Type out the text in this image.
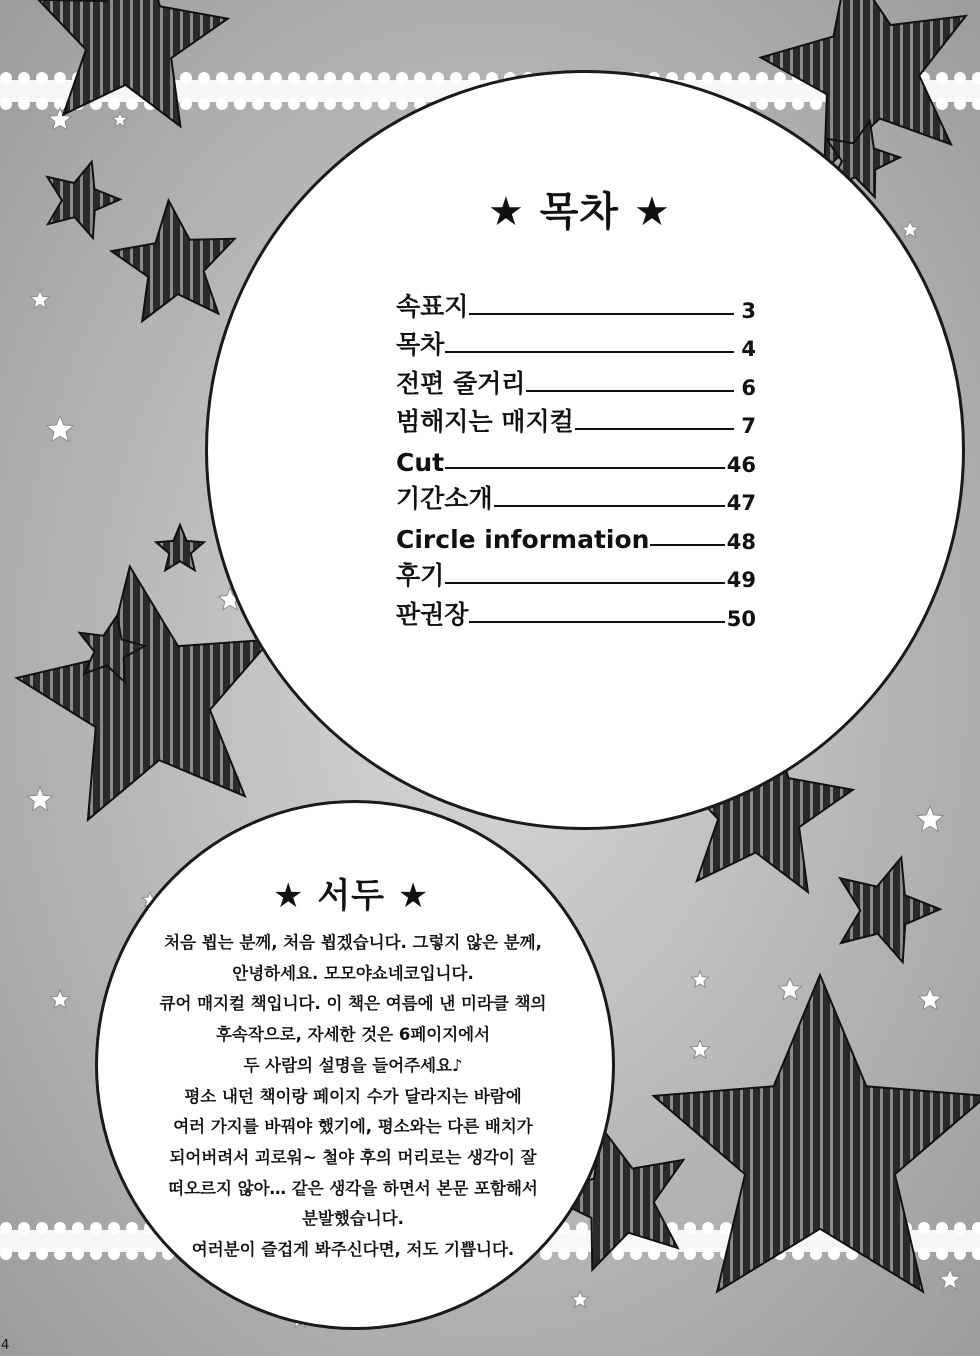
★ 목차 ★
속표지	3
목차	4
전편 줄거리	6
범해지는 매지컬	7
Cut	46
기간소개	47
Circle information	48
후기	49
판권장	50
★ 서두 ★
처음 뵙는 분께, 처음 뵙겠습니다. 그렇지 않은 분께,
안녕하세요. 모모야쇼네코입니다.
큐어 매지컬 책입니다. 이 책은 여름에 낸 미라클 책의
후속작으로, 자세한 것은 6페이지에서
두 사람의 설명을 들어주세요♪
평소 내던 책이랑 페이지 수가 달라지는 바람에
여러 가지를 바꿔야 했기에, 평소와는 다른 배치가
되어버려서 괴로워~ 철야 후의 머리로는 생각이 잘
떠오르지 않아… 같은 생각을 하면서 본문 포함해서
분발했습니다.
여러분이 즐겁게 봐주신다면, 저도 기쁩니다.
4
